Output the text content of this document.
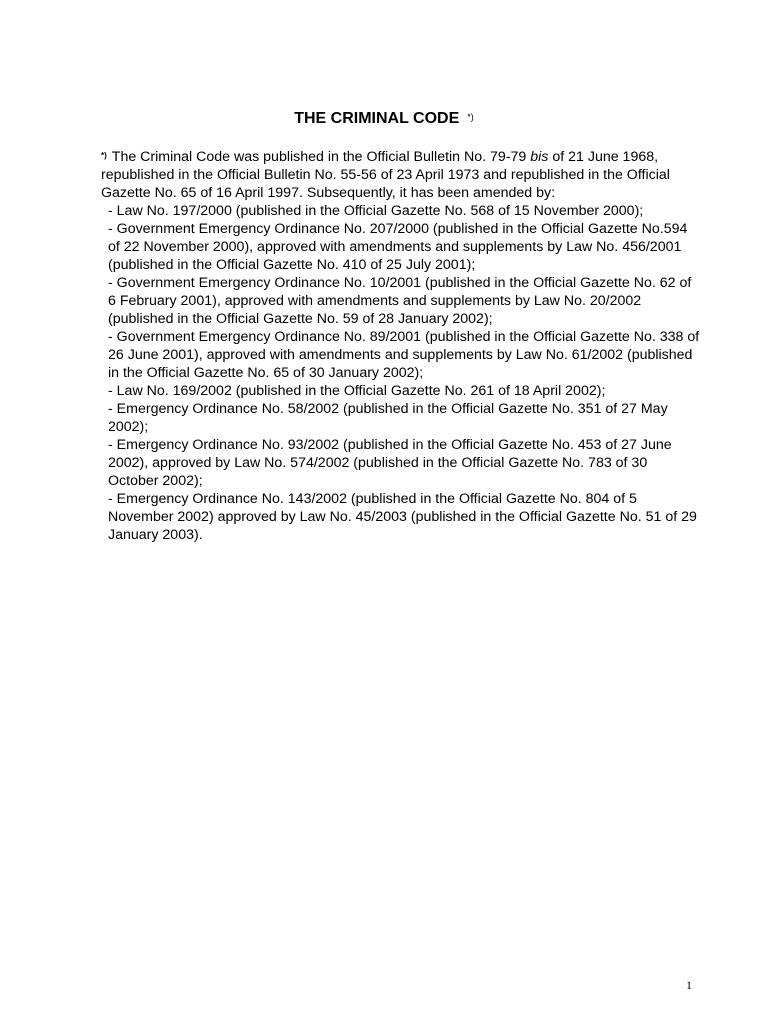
THE CRIMINAL CODE *)

*) The Criminal Code was published in the Official Bulletin No. 79-79 bis of 21 June 1968, republished in the Official Bulletin No. 55-56 of 23 April 1973 and republished in the Official Gazette No. 65 of 16 April 1997. Subsequently, it has been amended by:

- Law No. 197/2000 (published in the Official Gazette No. 568 of 15 November 2000);

- Government Emergency Ordinance No. 207/2000 (published in the Official Gazette No.594 of 22 November 2000), approved with amendments and supplements by Law No. 456/2001 (published in the Official Gazette No. 410 of 25 July 2001);

- Government Emergency Ordinance No. 10/2001 (published in the Official Gazette No. 62 of 6 February 2001), approved with amendments and supplements by Law No. 20/2002 (published in the Official Gazette No. 59 of 28 January 2002);

- Government Emergency Ordinance No. 89/2001 (published in the Official Gazette No. 338 of 26 June 2001), approved with amendments and supplements by Law No. 61/2002 (published in the Official Gazette No. 65 of 30 January 2002);

- Law No. 169/2002 (published in the Official Gazette No. 261 of 18 April 2002);

- Emergency Ordinance No. 58/2002 (published in the Official Gazette No. 351 of 27 May 2002);

- Emergency Ordinance No. 93/2002 (published in the Official Gazette No. 453 of 27 June 2002), approved by Law No. 574/2002 (published in the Official Gazette No. 783 of 30 October 2002);

- Emergency Ordinance No. 143/2002 (published in the Official Gazette No. 804 of 5 November 2002) approved by Law No. 45/2003 (published in the Official Gazette No. 51 of 29 January 2003).

1
